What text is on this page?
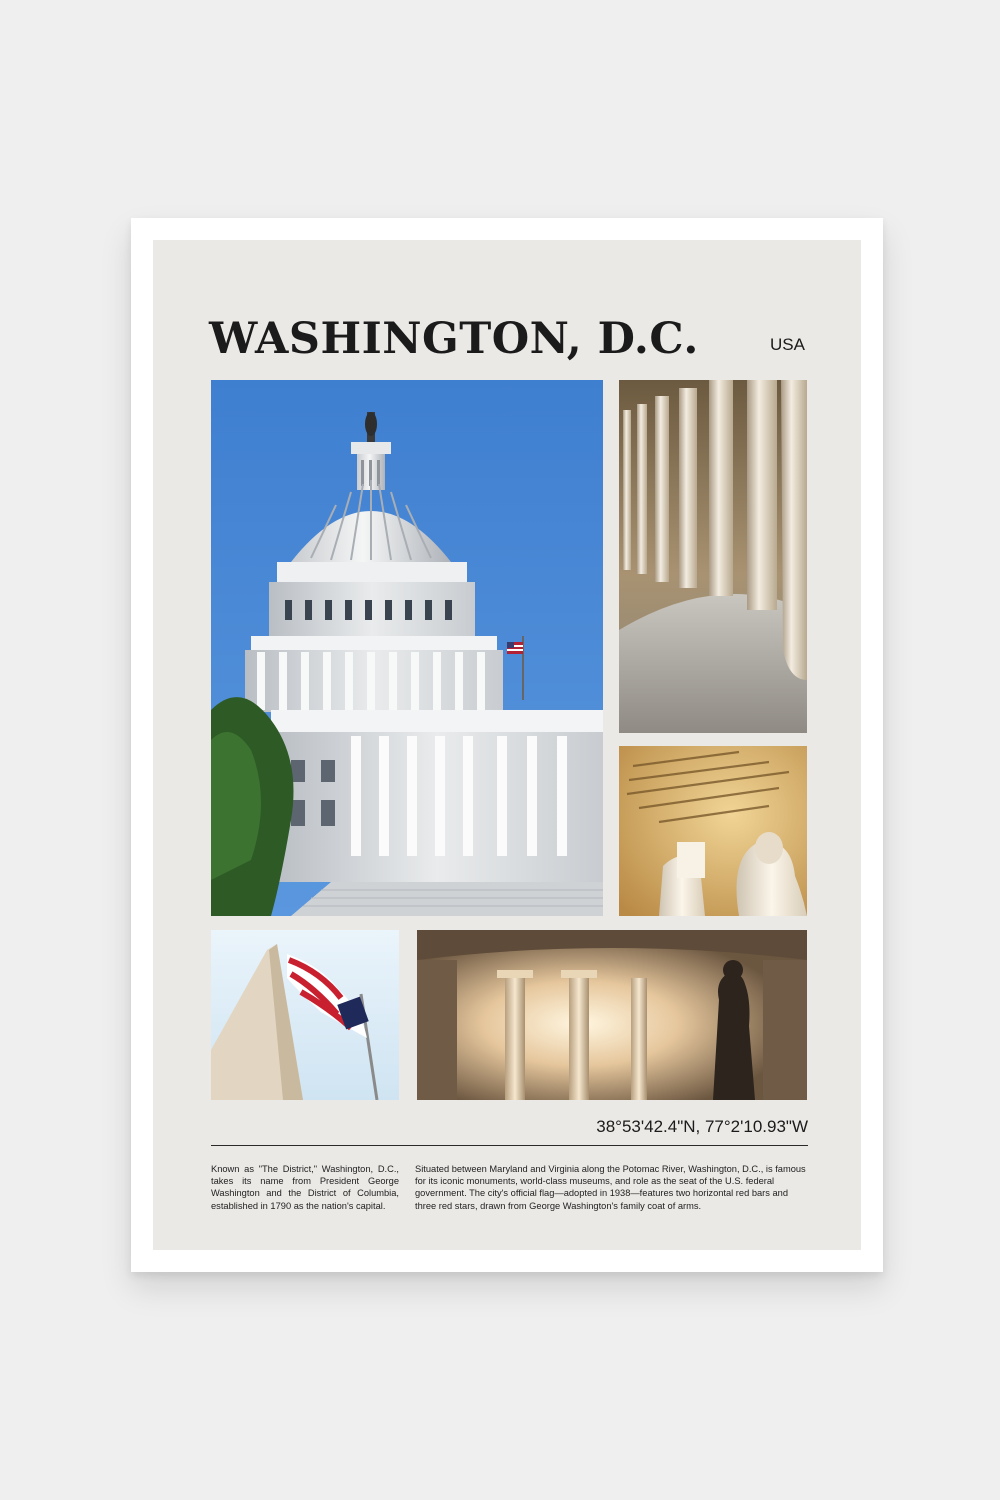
WASHINGTON, D.C.	USA
38°53'42.4"N, 77°2'10.93"W

Known as "The District," Washington, D.C., takes its name from President George Washington and the District of Columbia, established in 1790 as the nation's capital.

Situated between Maryland and Virginia along the Potomac River, Washington, D.C., is famous for its iconic monuments, world-class museums, and role as the seat of the U.S. federal government. The city's official flag—adopted in 1938—features two horizontal red bars and three red stars, drawn from George Washington's family coat of arms.
